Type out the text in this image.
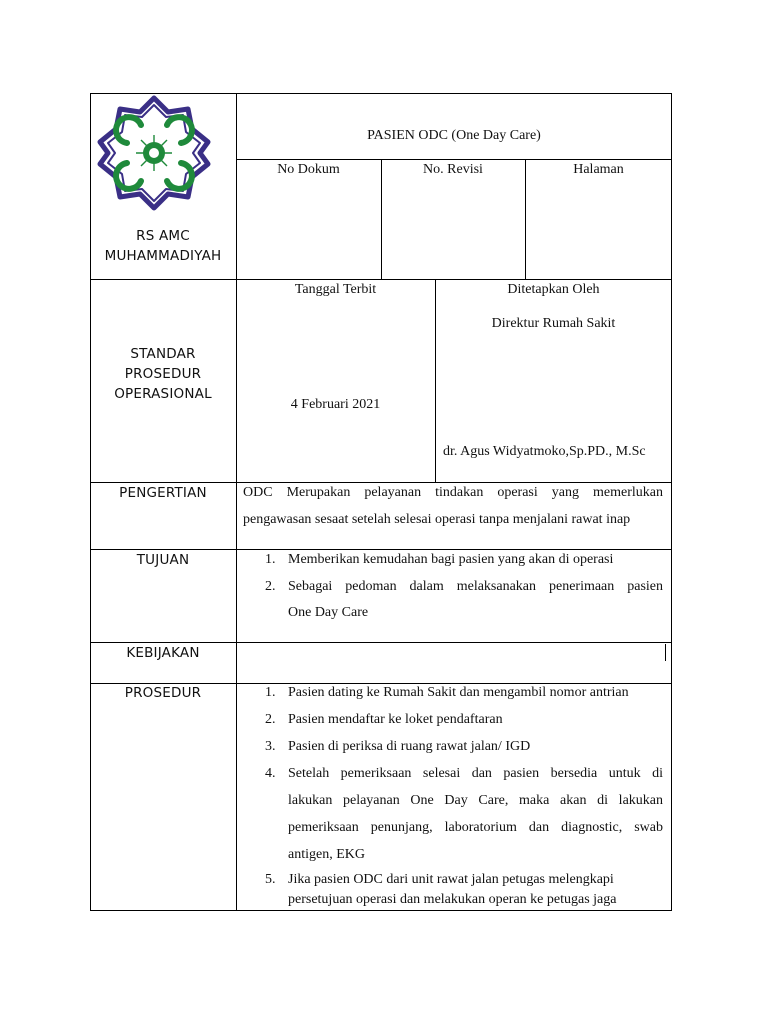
RS AMC
MUHAMMADIYAH
PASIEN ODC (One Day Care)
No Dokum	No. Revisi	Halaman
STANDAR
PROSEDUR
OPERASIONAL
Tanggal Terbit
4 Februari 2021
Ditetapkan Oleh
Direktur Rumah Sakit
dr. Agus Widyatmoko,Sp.PD., M.Sc
PENGERTIAN	ODC Merupakan pelayanan tindakan operasi yang memerlukan
pengawasan sesaat setelah selesai operasi tanpa menjalani rawat inap
TUJUAN	1. Memberikan kemudahan bagi pasien yang akan di operasi
2. Sebagai pedoman dalam melaksanakan penerimaan pasien
One Day Care
KEBIJAKAN
PROSEDUR	1. Pasien dating ke Rumah Sakit dan mengambil nomor antrian
2. Pasien mendaftar ke loket pendaftaran
3. Pasien di periksa di ruang rawat jalan/ IGD
4. Setelah pemeriksaan selesai dan pasien bersedia untuk di
lakukan pelayanan One Day Care, maka akan di lakukan
pemeriksaan penunjang, laboratorium dan diagnostic, swab
antigen, EKG
5. Jika pasien ODC dari unit rawat jalan petugas melengkapi
persetujuan operasi dan melakukan operan ke petugas jaga
